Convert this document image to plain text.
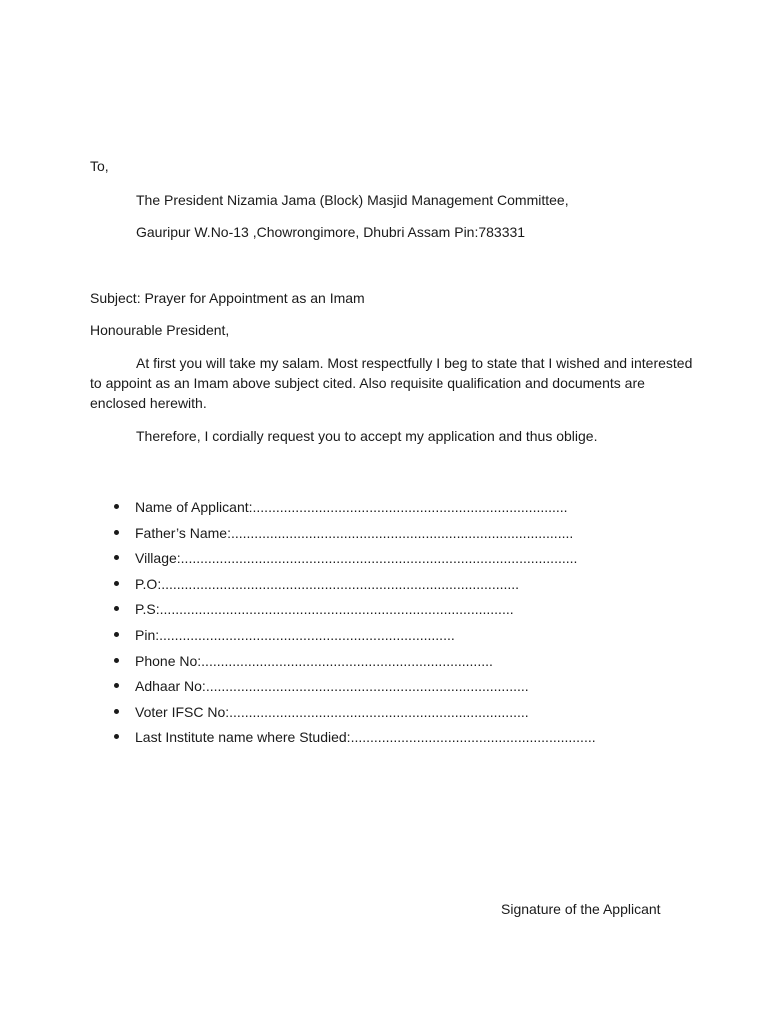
To,
The President Nizamia Jama (Block) Masjid Management Committee,
Gauripur W.No-13 ,Chowrongimore, Dhubri Assam Pin:783331
Subject: Prayer for Appointment as an Imam
Honourable President,
At first you will take my salam. Most respectfully I beg to state that I wished and interested to appoint as an Imam above subject cited. Also requisite qualification and documents are enclosed herewith.
Therefore, I cordially request you to accept my application and thus oblige.
Name of Applicant:.................................................................................
Father’s Name:........................................................................................
Village:......................................................................................................
P.O:............................................................................................
P.S:...........................................................................................
Pin:............................................................................
Phone No:...........................................................................
Adhaar No:...................................................................................
Voter IFSC No:.............................................................................
Last Institute name where Studied:...............................................................
Signature of the Applicant
